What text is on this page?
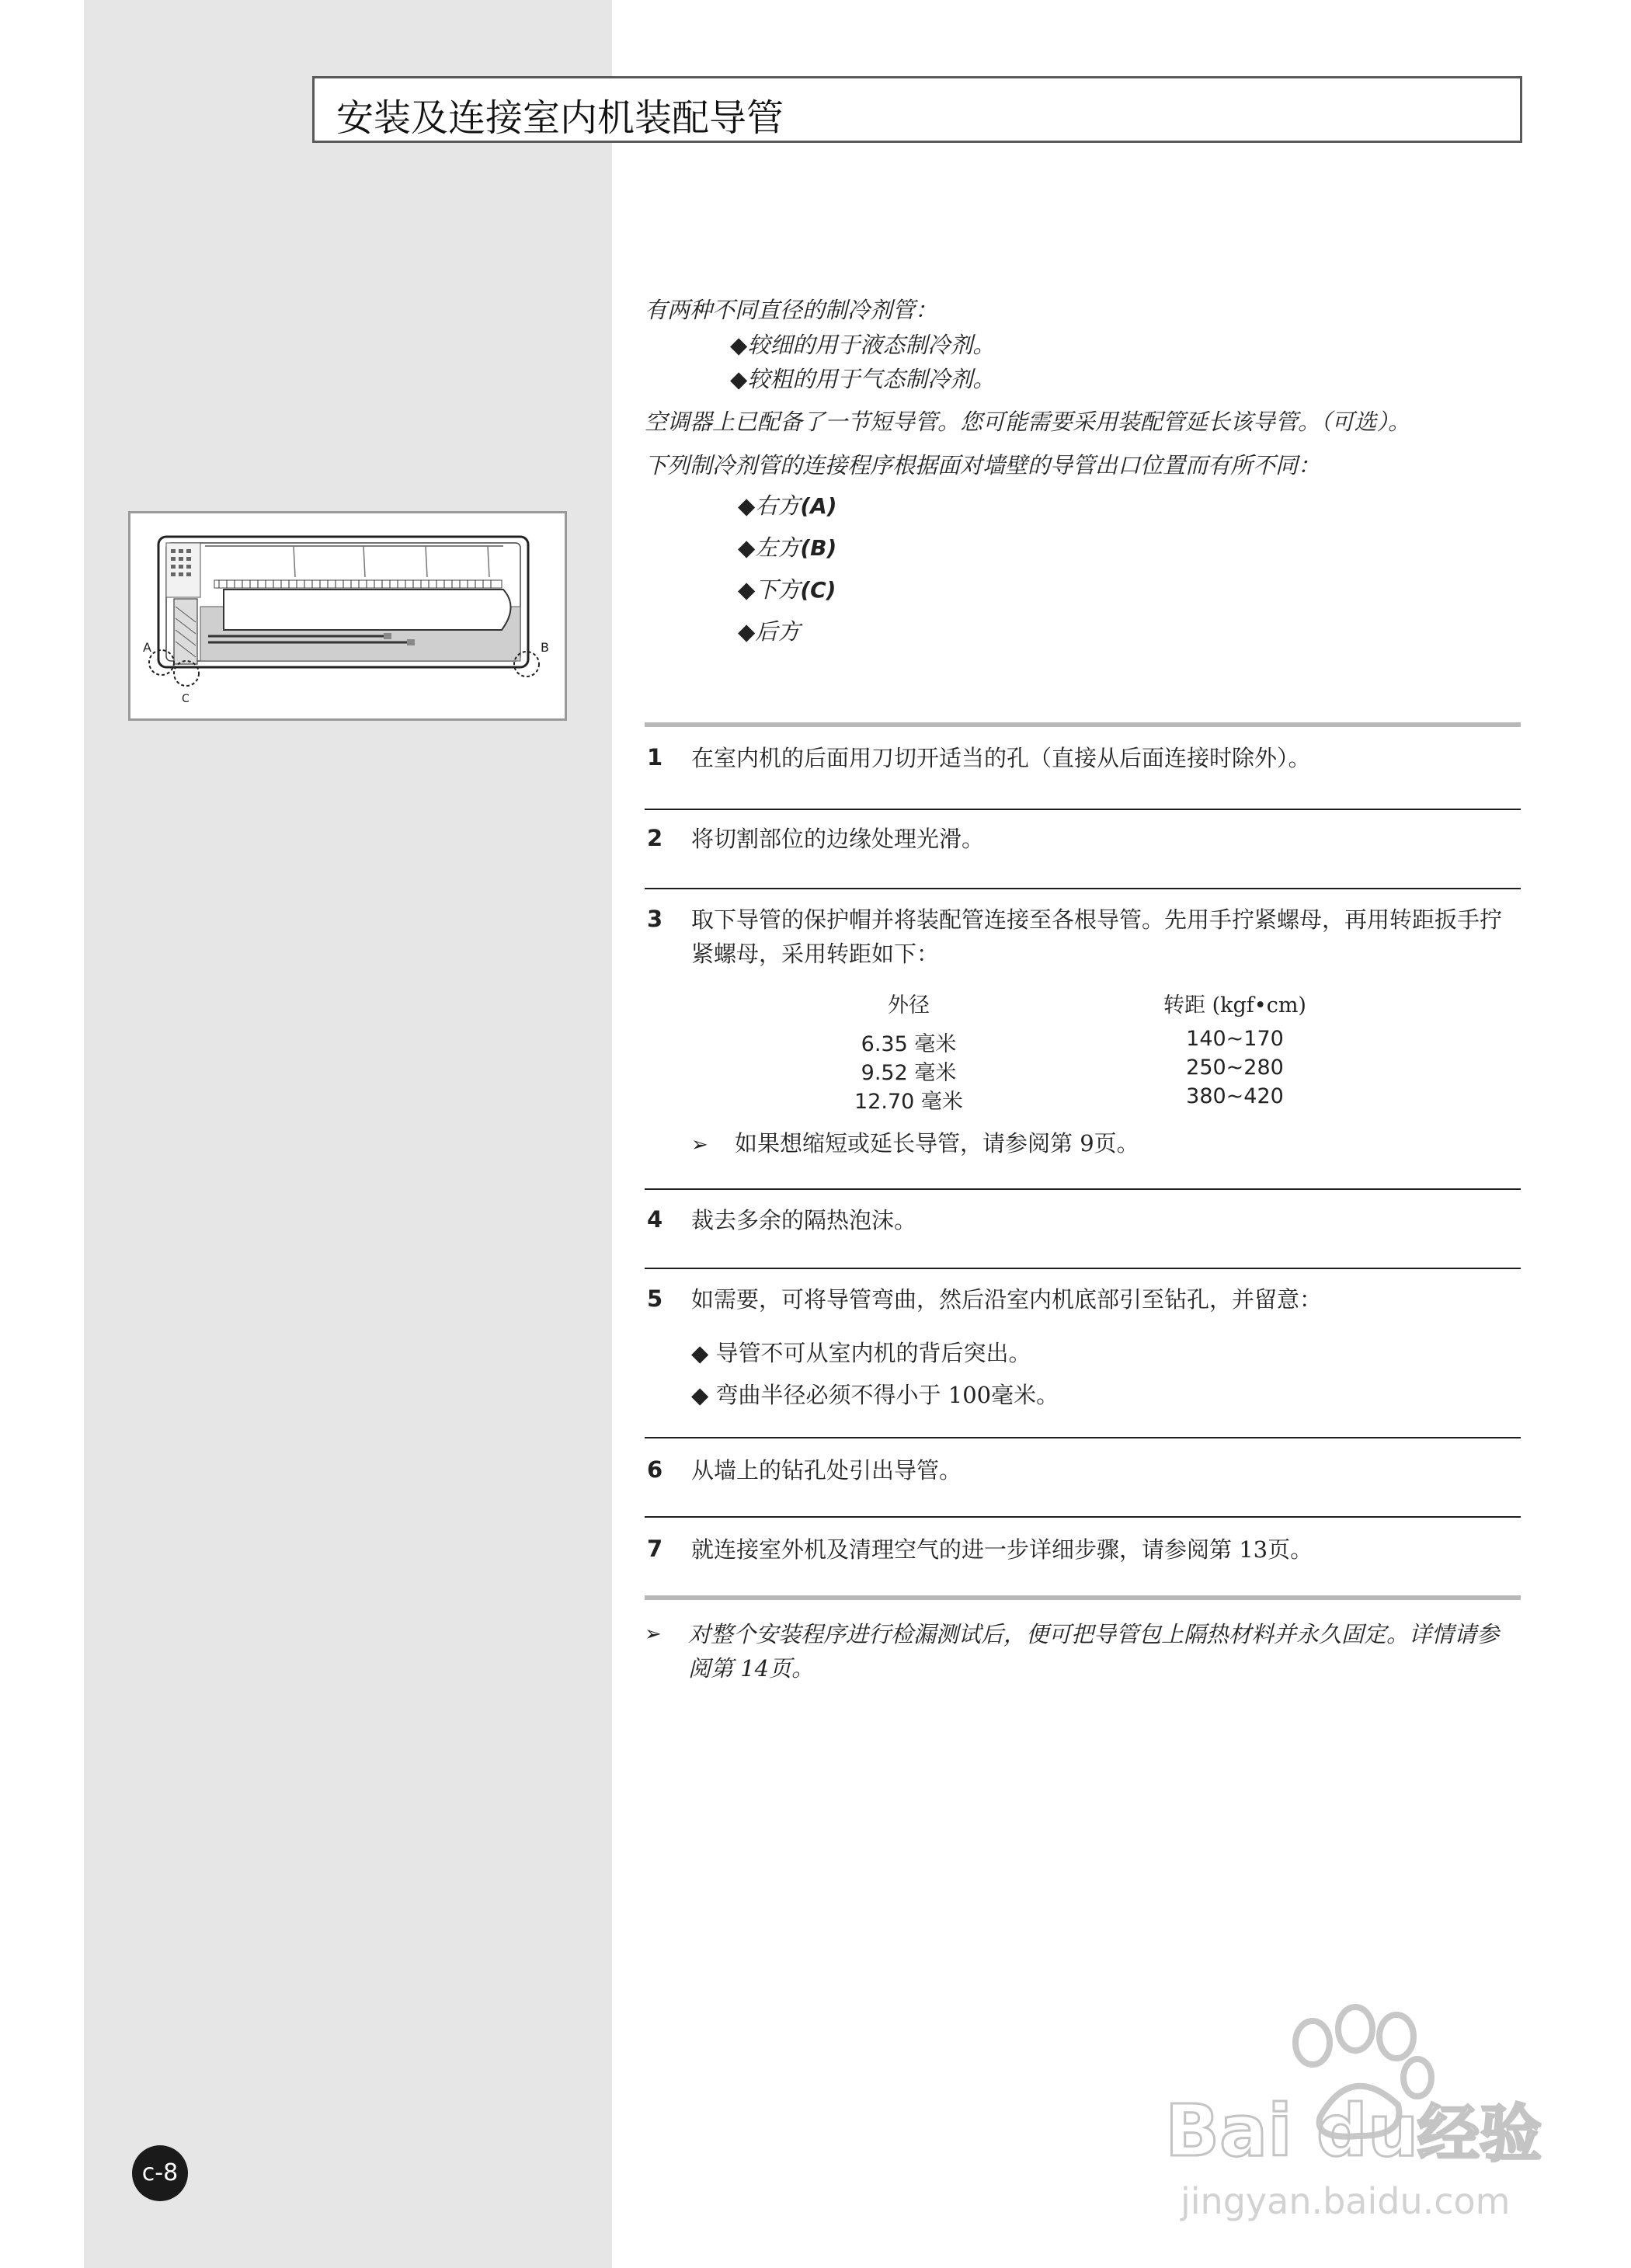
安装及连接室内机装配导管
A	B
C

有两种不同直径的制冷剂管：

◆较细的用于液态制冷剂。
◆较粗的用于气态制冷剂。

空调器上已配备了一节短导管。您可能需要采用装配管延长该导管。（可选）。

下列制冷剂管的连接程序根据面对墙壁的导管出口位置而有所不同：

◆右方(A)
◆左方(B)
◆下方(C)
◆后方
1 在室内机的后面用刀切开适当的孔（直接从后面连接时除外）。
2 将切割部位的边缘处理光滑。
3 取下导管的保护帽并将装配管连接至各根导管。先用手拧紧螺母，再用转距扳手拧紧螺母，采用转距如下：
外径
6.35 毫米
9.52 毫米
12.70 毫米
转距 (kgf•cm)
140~170
250~280
380~420
➢ 如果想缩短或延长导管，请参阅第 9页。
4 裁去多余的隔热泡沫。
5 如需要，可将导管弯曲，然后沿室内机底部引至钻孔，并留意：
◆ 导管不可从室内机的背后突出。
◆ 弯曲半径必须不得小于 100毫米。
6 从墙上的钻孔处引出导管。
7 就连接室外机及清理空气的进一步详细步骤，请参阅第 13页。
➢ 对整个安装程序进行检漏测试后，便可把导管包上隔热材料并永久固定。详情请参阅第 14页。
c-8
Bai du
经验
jingyan.baidu.com
